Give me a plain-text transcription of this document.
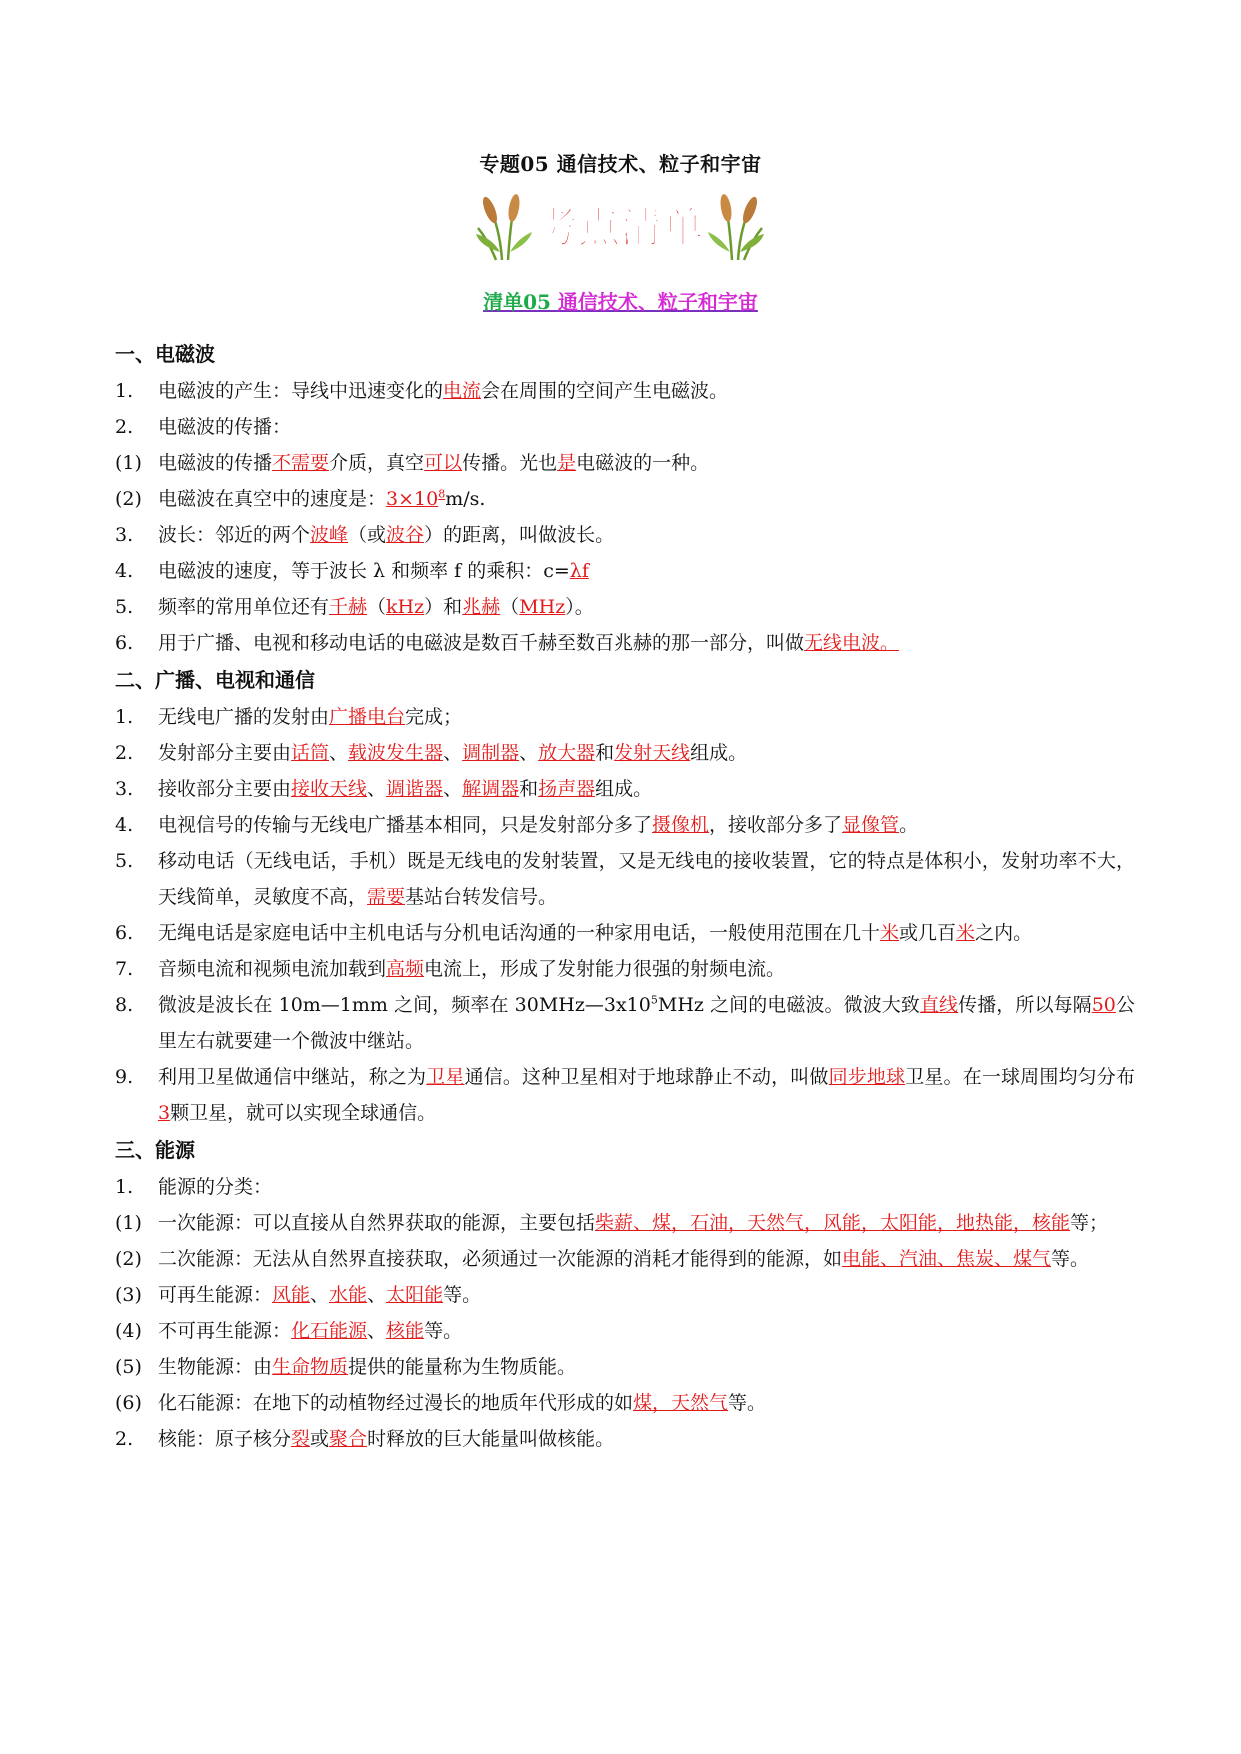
专题05 通信技术、粒子和宇宙
考点清单
清单05 通信技术、粒子和宇宙
一、电磁波
1.	电磁波的产生：导线中迅速变化的电流会在周围的空间产生电磁波。
2.	电磁波的传播：
(1) 电磁波的传播不需要介质，真空可以传播。光也是电磁波的一种。
(2) 电磁波在真空中的速度是：$3\times 10^8m/s$.
3.	波长：邻近的两个波峰（或波谷）的距离，叫做波长。
4.	电磁波的速度，等于波长 λ 和频率 f 的乘积：c=λf
5.	频率的常用单位还有千赫（kHz）和兆赫（MHz）。
6.	用于广播、电视和移动电话的电磁波是数百千赫至数百兆赫的那一部分，叫做无线电波。
二、广播、电视和通信
1.	无线电广播的发射由广播电台完成；
2.	发射部分主要由话筒、载波发生器、调制器、放大器和发射天线组成。
3.	接收部分主要由接收天线、调谐器、解调器和扬声器组成。
4.	电视信号的传输与无线电广播基本相同，只是发射部分多了摄像机，接收部分多了显像管。
5.	移动电话（无线电话，手机）既是无线电的发射装置，又是无线电的接收装置，它的特点是体积小，发射功率不大，天线简单，灵敏度不高，需要基站台转发信号。
6.	无绳电话是家庭电话中主机电话与分机电话沟通的一种家用电话，一般使用范围在几十米或几百米之内。
7.	音频电流和视频电流加载到高频电流上，形成了发射能力很强的射频电流。
8.	微波是波长在 10m—1mm 之间，频率在 $30MHz—3x10^5MHz$ 之间的电磁波。微波大致直线传播，所以每隔50公里左右就要建一个微波中继站。
9.	利用卫星做通信中继站，称之为卫星通信。这种卫星相对于地球静止不动，叫做同步地球卫星。在一球周围均匀分布3颗卫星，就可以实现全球通信。
三、能源
1.	能源的分类：
(1) 一次能源：可以直接从自然界获取的能源，主要包括柴薪、煤，石油，天然气，风能，太阳能，地热能，核能等；
(2) 二次能源：无法从自然界直接获取，必须通过一次能源的消耗才能得到的能源，如电能、汽油、焦炭、煤气等。
(3) 可再生能源：风能、水能、太阳能等。
(4) 不可再生能源：化石能源、核能等。
(5) 生物能源：由生命物质提供的能量称为生物质能。
(6) 化石能源：在地下的动植物经过漫长的地质年代形成的如煤，天然气等。
2.	核能：原子核分裂或聚合时释放的巨大能量叫做核能。
